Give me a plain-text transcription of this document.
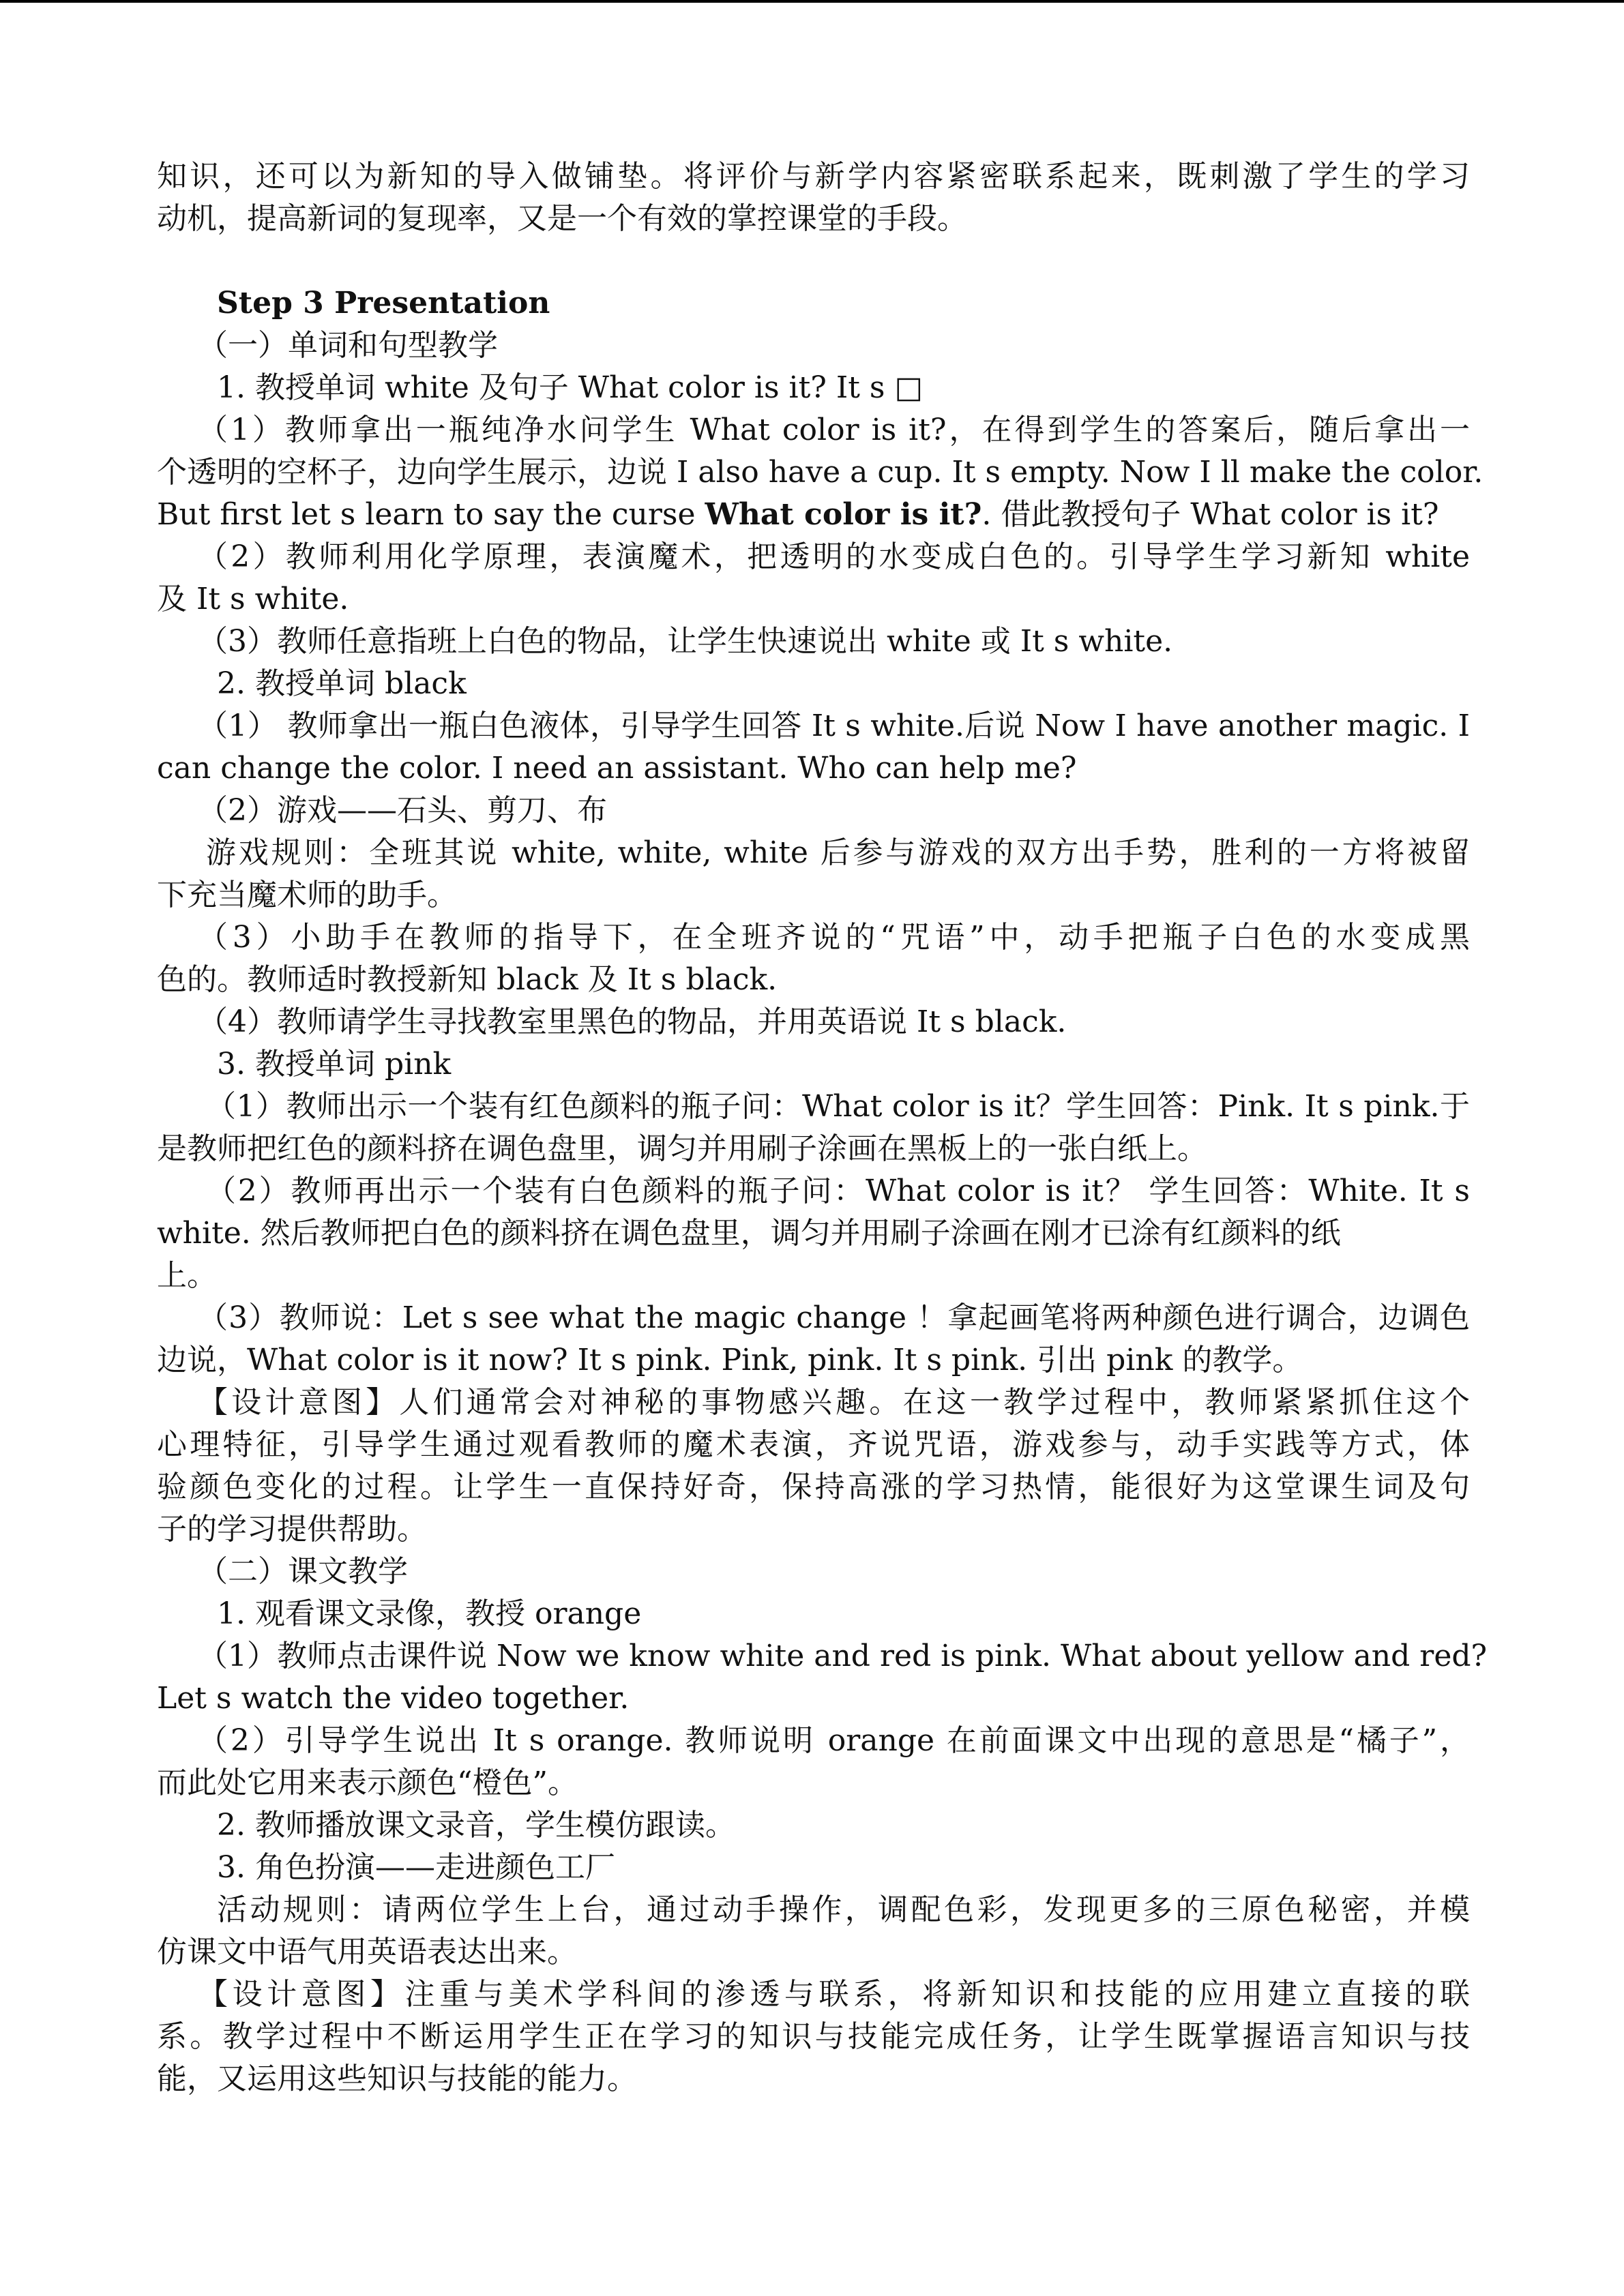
知识，还可以为新知的导入做铺垫。将评价与新学内容紧密联系起来，既刺激了学生的学习

动机，提高新词的复现率，又是一个有效的掌控课堂的手段。

Step 3 Presentation

（一）单词和句型教学

1. 教授单词 white 及句子 What color is it? It s □

（1）教师拿出一瓶纯净水问学生 What color is it?，在得到学生的答案后，随后拿出一

个透明的空杯子，边向学生展示，边说 I also have a cup. It s empty. Now I ll make the color.

But first let s learn to say the curse What color is it?. 借此教授句子 What color is it?

（2）教师利用化学原理，表演魔术，把透明的水变成白色的。引导学生学习新知 white

及 It s white.

（3）教师任意指班上白色的物品，让学生快速说出 white 或 It s white.

2. 教授单词 black

（1） 教师拿出一瓶白色液体，引导学生回答 It s white.后说 Now I have another magic. I

can change the color. I need an assistant. Who can help me?

（2）游戏——石头、剪刀、布

游戏规则：全班其说 white, white, white 后参与游戏的双方出手势，胜利的一方将被留

下充当魔术师的助手。

（3）小助手在教师的指导下，在全班齐说的“咒语”中，动手把瓶子白色的水变成黑

色的。教师适时教授新知 black 及 It s black.

（4）教师请学生寻找教室里黑色的物品，并用英语说 It s black.

3. 教授单词 pink

（1）教师出示一个装有红色颜料的瓶子问：What color is it？学生回答：Pink. It s pink.于

是教师把红色的颜料挤在调色盘里，调匀并用刷子涂画在黑板上的一张白纸上。

（2）教师再出示一个装有白色颜料的瓶子问：What color is it？ 学生回答：White. It s

white. 然后教师把白色的颜料挤在调色盘里，调匀并用刷子涂画在刚才已涂有红颜料的纸

上。

（3）教师说：Let s see what the magic change ！拿起画笔将两种颜色进行调合，边调色

边说，What color is it now? It s pink. Pink, pink. It s pink. 引出 pink 的教学。

【设计意图】人们通常会对神秘的事物感兴趣。在这一教学过程中，教师紧紧抓住这个

心理特征，引导学生通过观看教师的魔术表演，齐说咒语，游戏参与，动手实践等方式，体

验颜色变化的过程。让学生一直保持好奇，保持高涨的学习热情，能很好为这堂课生词及句

子的学习提供帮助。

（二）课文教学

1. 观看课文录像，教授 orange

（1）教师点击课件说 Now we know white and red is pink. What about yellow and red?

Let s watch the video together.

（2）引导学生说出 It s orange. 教师说明 orange 在前面课文中出现的意思是“橘子”，

而此处它用来表示颜色“橙色”。

2. 教师播放课文录音，学生模仿跟读。

3. 角色扮演——走进颜色工厂

活动规则：请两位学生上台，通过动手操作，调配色彩，发现更多的三原色秘密，并模

仿课文中语气用英语表达出来。

【设计意图】注重与美术学科间的渗透与联系，将新知识和技能的应用建立直接的联

系。教学过程中不断运用学生正在学习的知识与技能完成任务，让学生既掌握语言知识与技

能，又运用这些知识与技能的能力。
